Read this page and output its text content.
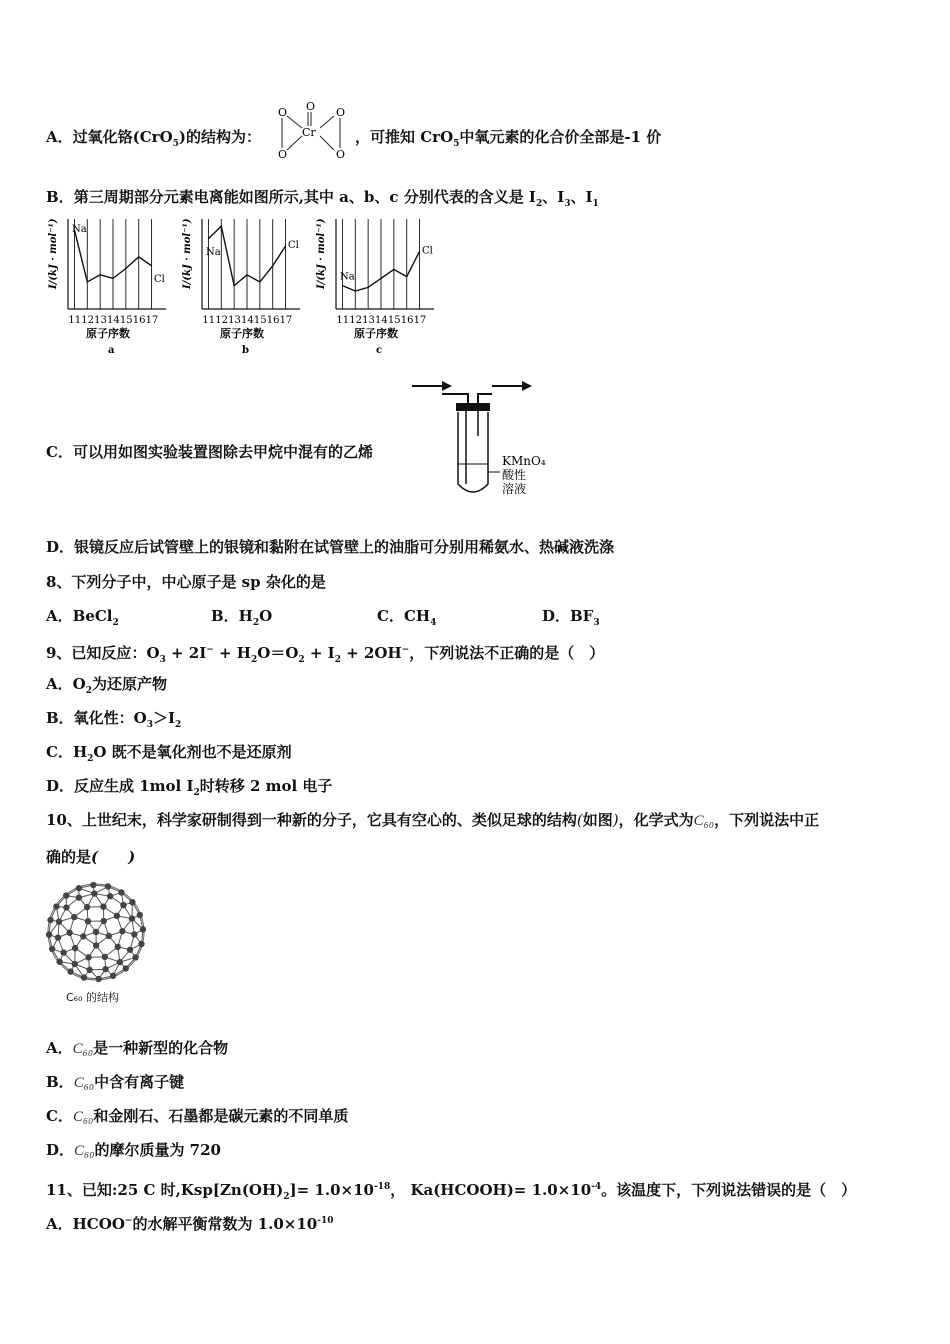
A．过氧化铬(CrO$_5$)的结构为：
O O O
Cr
O	O
，可推知 CrO$_5$中氧元素的化合价全部是-1 价
B．第三周期部分元素电离能如图所示,其中 a、b、c 分别代表的含义是 $I_2$、$I_3$、$I_1$
11 12 13 14 15 16 17
I/(kJ · mol⁻¹) Na
Cl
原子序数
a
11 12 13 14 15 16 17
I/(kJ · mol⁻¹) Na
Cl
原子序数
b
11 12 13 14 15 16 17
I/(kJ · mol⁻¹) Na
Cl
原子序数
c
C．可以用如图实验装置图除去甲烷中混有的乙烯	KMnO₄
酸性
溶液
D．银镜反应后试管壁上的银镜和黏附在试管壁上的油脂可分别用稀氨水、热碱液洗涤
8、下列分子中，中心原子是 sp 杂化的是
A．BeCl$_2$	B．$H_2O$	C．$CH_4$	D．$BF_3$
9、已知反应：$O_3 + 2I^- + H_2O=O_2 + I_2 + 2OH^-$，下列说法不正确的是（　）
A．$O_2$为还原产物
B．氧化性：$O_3>I_2$
C．$H_2O$ 既不是氧化剂也不是还原剂
D．反应生成 1mol $I_2$时转移 2 mol 电子
10、上世纪末，科学家研制得到一种新的分子，它具有空心的、类似足球的结构(如图)，化学式为C₆₀，下列说法中正
确的是(　　)
C₆₀ 的结构
A．C₆₀是一种新型的化合物
B．C₆₀中含有离子键
C．C₆₀和金刚石、石墨都是碳元素的不同单质
D．C₆₀的摩尔质量为 720
11、已知:25 C 时$,Ksp[Zn(OH)_2]= 1.0\times 10^{-18}$， Ka(HCOOH)= $1.0\times 10^{-4}$。该温度下，下列说法错误的是（　）
A．HCOO−的水解平衡常数为 $1.0\times 10^{-10}$
